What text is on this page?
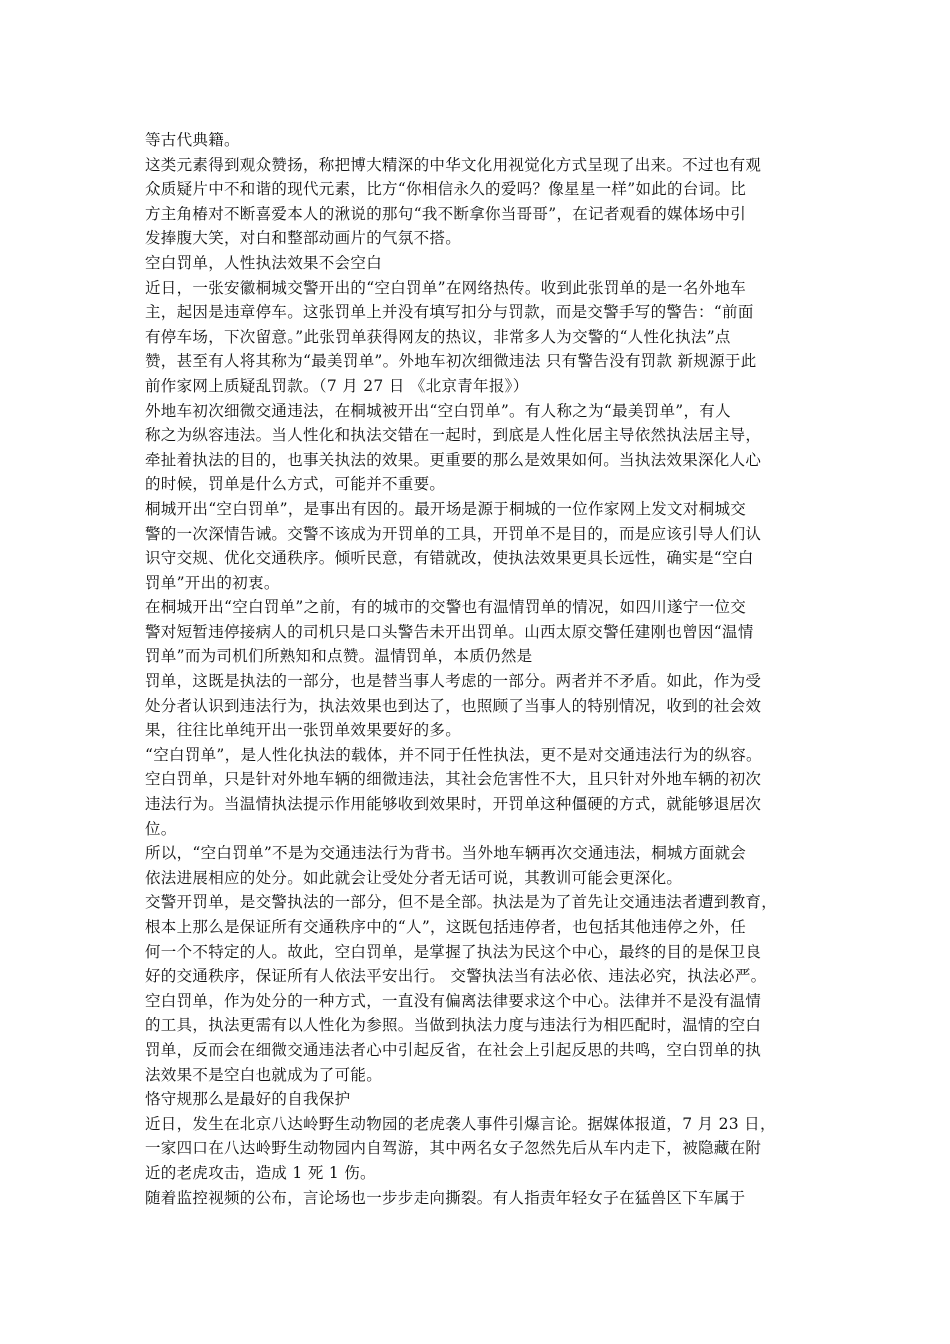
等古代典籍。
这类元素得到观众赞扬，称把博大精深的中华文化用视觉化方式呈现了出来。不过也有观
众质疑片中不和谐的现代元素，比方“你相信永久的爱吗？像星星一样”如此的台词。比
方主角椿对不断喜爱本人的湫说的那句“我不断拿你当哥哥”，在记者观看的媒体场中引
发捧腹大笑，对白和整部动画片的气氛不搭。
空白罚单，人性执法效果不会空白
近日，一张安徽桐城交警开出的“空白罚单”在网络热传。收到此张罚单的是一名外地车
主，起因是违章停车。这张罚单上并没有填写扣分与罚款，而是交警手写的警告：“前面
有停车场，下次留意。”此张罚单获得网友的热议，非常多人为交警的“人性化执法”点
赞，甚至有人将其称为“最美罚单”。外地车初次细微违法 只有警告没有罚款 新规源于此
前作家网上质疑乱罚款。（7 月 27 日 《北京青年报》）
外地车初次细微交通违法，在桐城被开出“空白罚单”。有人称之为“最美罚单”，有人
称之为纵容违法。当人性化和执法交错在一起时，到底是人性化居主导依然执法居主导，
牵扯着执法的目的，也事关执法的效果。更重要的那么是效果如何。当执法效果深化人心
的时候，罚单是什么方式，可能并不重要。
桐城开出“空白罚单”，是事出有因的。最开场是源于桐城的一位作家网上发文对桐城交
警的一次深情告诫。交警不该成为开罚单的工具，开罚单不是目的，而是应该引导人们认
识守交规、优化交通秩序。倾听民意，有错就改，使执法效果更具长远性，确实是“空白
罚单”开出的初衷。
在桐城开出“空白罚单”之前，有的城市的交警也有温情罚单的情况，如四川遂宁一位交
警对短暂违停接病人的司机只是口头警告未开出罚单。山西太原交警任建刚也曾因“温情
罚单”而为司机们所熟知和点赞。温情罚单，本质仍然是
罚单，这既是执法的一部分，也是替当事人考虑的一部分。两者并不矛盾。如此，作为受
处分者认识到违法行为，执法效果也到达了，也照顾了当事人的特别情况，收到的社会效
果，往往比单纯开出一张罚单效果要好的多。
“空白罚单”，是人性化执法的载体，并不同于任性执法，更不是对交通违法行为的纵容。
空白罚单，只是针对外地车辆的细微违法，其社会危害性不大，且只针对外地车辆的初次
违法行为。当温情执法提示作用能够收到效果时，开罚单这种僵硬的方式，就能够退居次
位。
所以，“空白罚单”不是为交通违法行为背书。当外地车辆再次交通违法，桐城方面就会
依法进展相应的处分。如此就会让受处分者无话可说，其教训可能会更深化。
交警开罚单，是交警执法的一部分，但不是全部。执法是为了首先让交通违法者遭到教育，
根本上那么是保证所有交通秩序中的“人”，这既包括违停者，也包括其他违停之外，任
何一个不特定的人。故此，空白罚单，是掌握了执法为民这个中心，最终的目的是保卫良
好的交通秩序，保证所有人依法平安出行。 交警执法当有法必依、违法必究，执法必严。
空白罚单，作为处分的一种方式，一直没有偏离法律要求这个中心。法律并不是没有温情
的工具，执法更需有以人性化为参照。当做到执法力度与违法行为相匹配时，温情的空白
罚单，反而会在细微交通违法者心中引起反省，在社会上引起反思的共鸣，空白罚单的执
法效果不是空白也就成为了可能。
恪守规那么是最好的自我保护
近日，发生在北京八达岭野生动物园的老虎袭人事件引爆言论。据媒体报道，7 月 23 日，
一家四口在八达岭野生动物园内自驾游，其中两名女子忽然先后从车内走下，被隐藏在附
近的老虎攻击，造成 1 死 1 伤。
随着监控视频的公布，言论场也一步步走向撕裂。有人指责年轻女子在猛兽区下车属于
